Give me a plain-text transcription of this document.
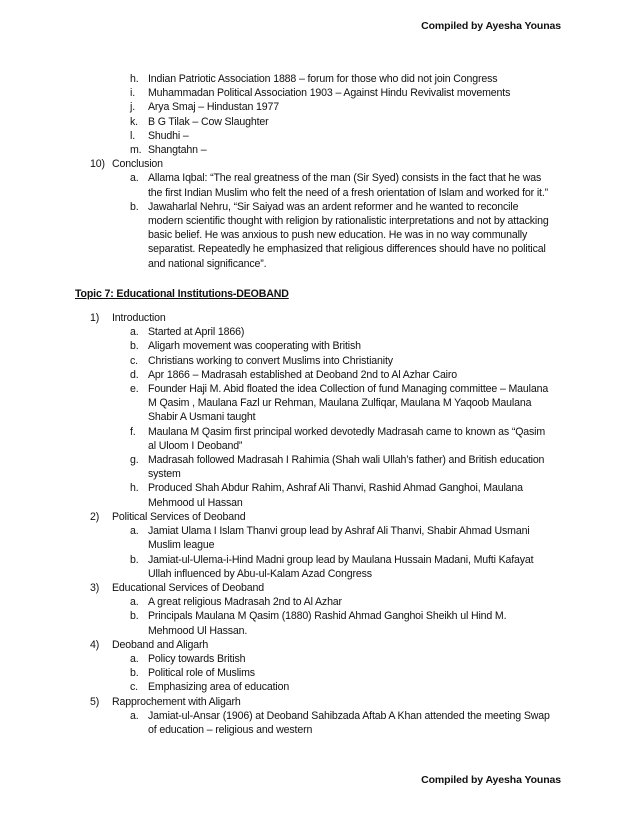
Compiled by Ayesha Younas
h. Indian Patriotic Association 1888 – forum for those who did not join Congress
i. Muhammadan Political Association 1903 – Against Hindu Revivalist movements
j. Arya Smaj – Hindustan 1977
k. B G Tilak – Cow Slaughter
l. Shudhi –
m. Shangtahn –
10) Conclusion
a. Allama Iqbal: “The real greatness of the man (Sir Syed) consists in the fact that he was the first Indian Muslim who felt the need of a fresh orientation of Islam and worked for it.”
b. Jawaharlal Nehru, “Sir Saiyad was an ardent reformer and he wanted to reconcile modern scientific thought with religion by rationalistic interpretations and not by attacking basic belief. He was anxious to push new education. He was in no way communally separatist. Repeatedly he emphasized that religious differences should have no political and national significance”.
Topic 7: Educational Institutions-DEOBAND
1) Introduction
a. Started at April 1866)
b. Aligarh movement was cooperating with British
c. Christians working to convert Muslims into Christianity
d. Apr 1866 – Madrasah established at Deoband 2nd to Al Azhar Cairo
e. Founder Haji M. Abid floated the idea Collection of fund Managing committee – Maulana M Qasim , Maulana Fazl ur Rehman, Maulana Zulfiqar, Maulana M Yaqoob Maulana Shabir A Usmani taught
f. Maulana M Qasim first principal worked devotedly Madrasah came to known as “Qasim al Uloom I Deoband”
g. Madrasah followed Madrasah I Rahimia (Shah wali Ullah’s father) and British education system
h. Produced Shah Abdur Rahim, Ashraf Ali Thanvi, Rashid Ahmad Ganghoi, Maulana Mehmood ul Hassan
2) Political Services of Deoband
a. Jamiat Ulama I Islam Thanvi group lead by Ashraf Ali Thanvi, Shabir Ahmad Usmani Muslim league
b. Jamiat-ul-Ulema-i-Hind Madni group lead by Maulana Hussain Madani, Mufti Kafayat Ullah influenced by Abu-ul-Kalam Azad Congress
3) Educational Services of Deoband
a. A great religious Madrasah 2nd to Al Azhar
b. Principals Maulana M Qasim (1880) Rashid Ahmad Ganghoi Sheikh ul Hind M. Mehmood Ul Hassan.
4) Deoband and Aligarh
a. Policy towards British
b. Political role of Muslims
c. Emphasizing area of education
5) Rapprochement with Aligarh
a. Jamiat-ul-Ansar (1906) at Deoband Sahibzada Aftab A Khan attended the meeting Swap of education – religious and western
Compiled by Ayesha Younas
